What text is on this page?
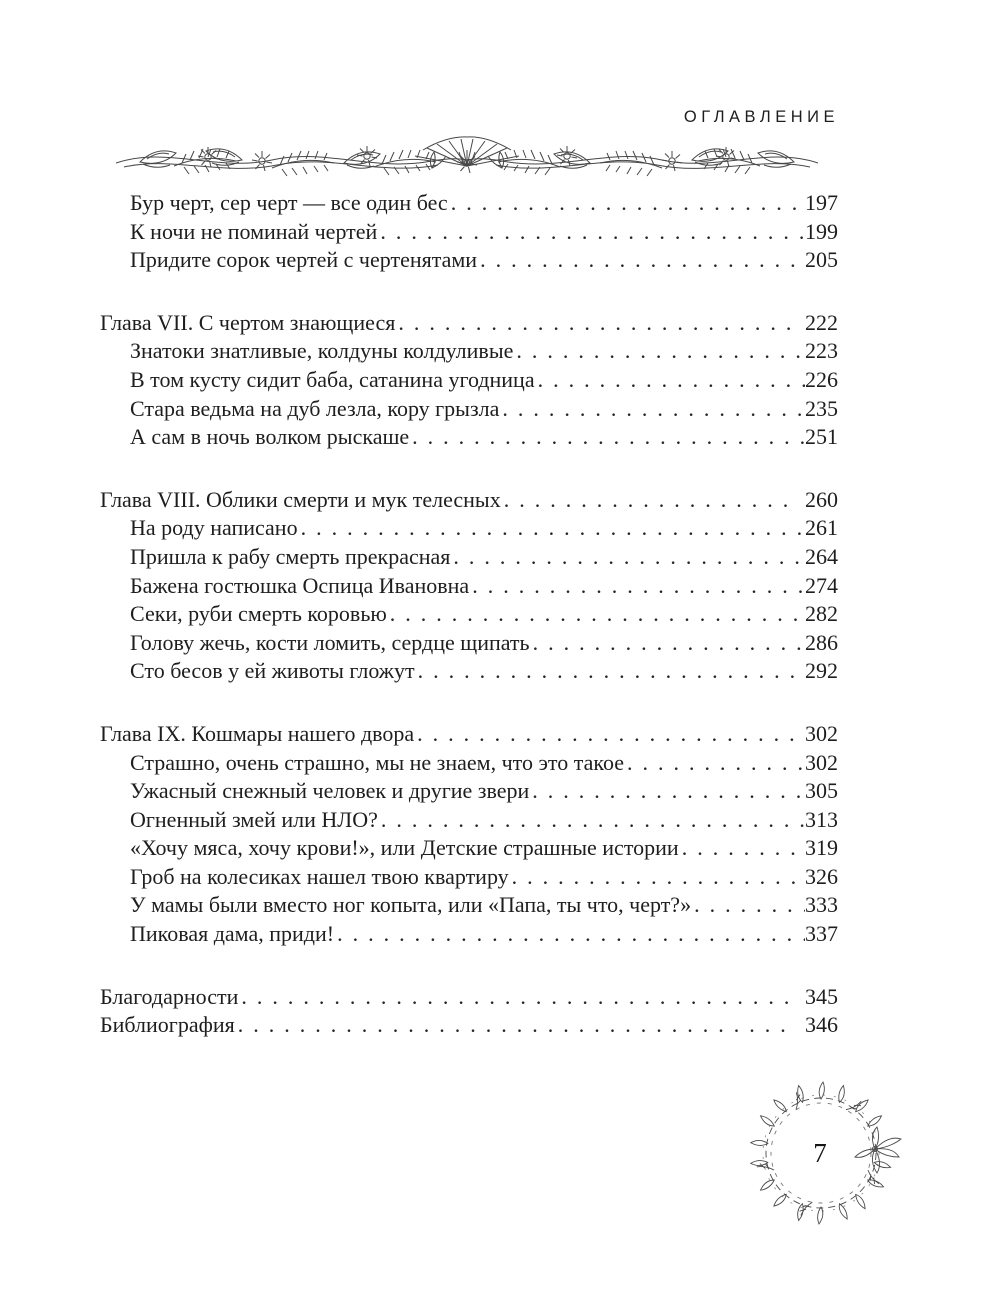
ОГЛАВЛЕНИЕ
Бур черт, сер черт — все один бес . . .	197
К ночи не поминай чертей . . .	199
Придите сорок чертей с чертенятами . . .	205
Глава VII. С чертом знающиеся . . .	222
Знатоки знатливые, колдуны колдуливые . . .	223
В том кусту сидит баба, сатанина угодница . . .	226
Стара ведьма на дуб лезла, кору грызла . . .	235
А сам в ночь волком рыскаше . . .	251
Глава VIII. Облики смерти и мук телесных . . .	260
На роду написано . . .	261
Пришла к рабу смерть прекрасная . . .	264
Бажена гостюшка Оспица Ивановна . . .	274
Секи, руби смерть коровью . . .	282
Голову жечь, кости ломить, сердце щипать . . .	286
Сто бесов у ей животы гложут . . .	292
Глава IX. Кошмары нашего двора . . .	302
Страшно, очень страшно, мы не знаем, что это такое . . .	302
Ужасный снежный человек и другие звери . . .	305
Огненный змей или НЛО? . . .	313
«Хочу мяса, хочу крови!», или Детские страшные истории . . .	319
Гроб на колесиках нашел твою квартиру . . .	326
У мамы были вместо ног копыта, или «Папа, ты что, черт?» . . .	333
Пиковая дама, приди! . . .	337
Благодарности . . .	345
Библиография . . .	346
7
